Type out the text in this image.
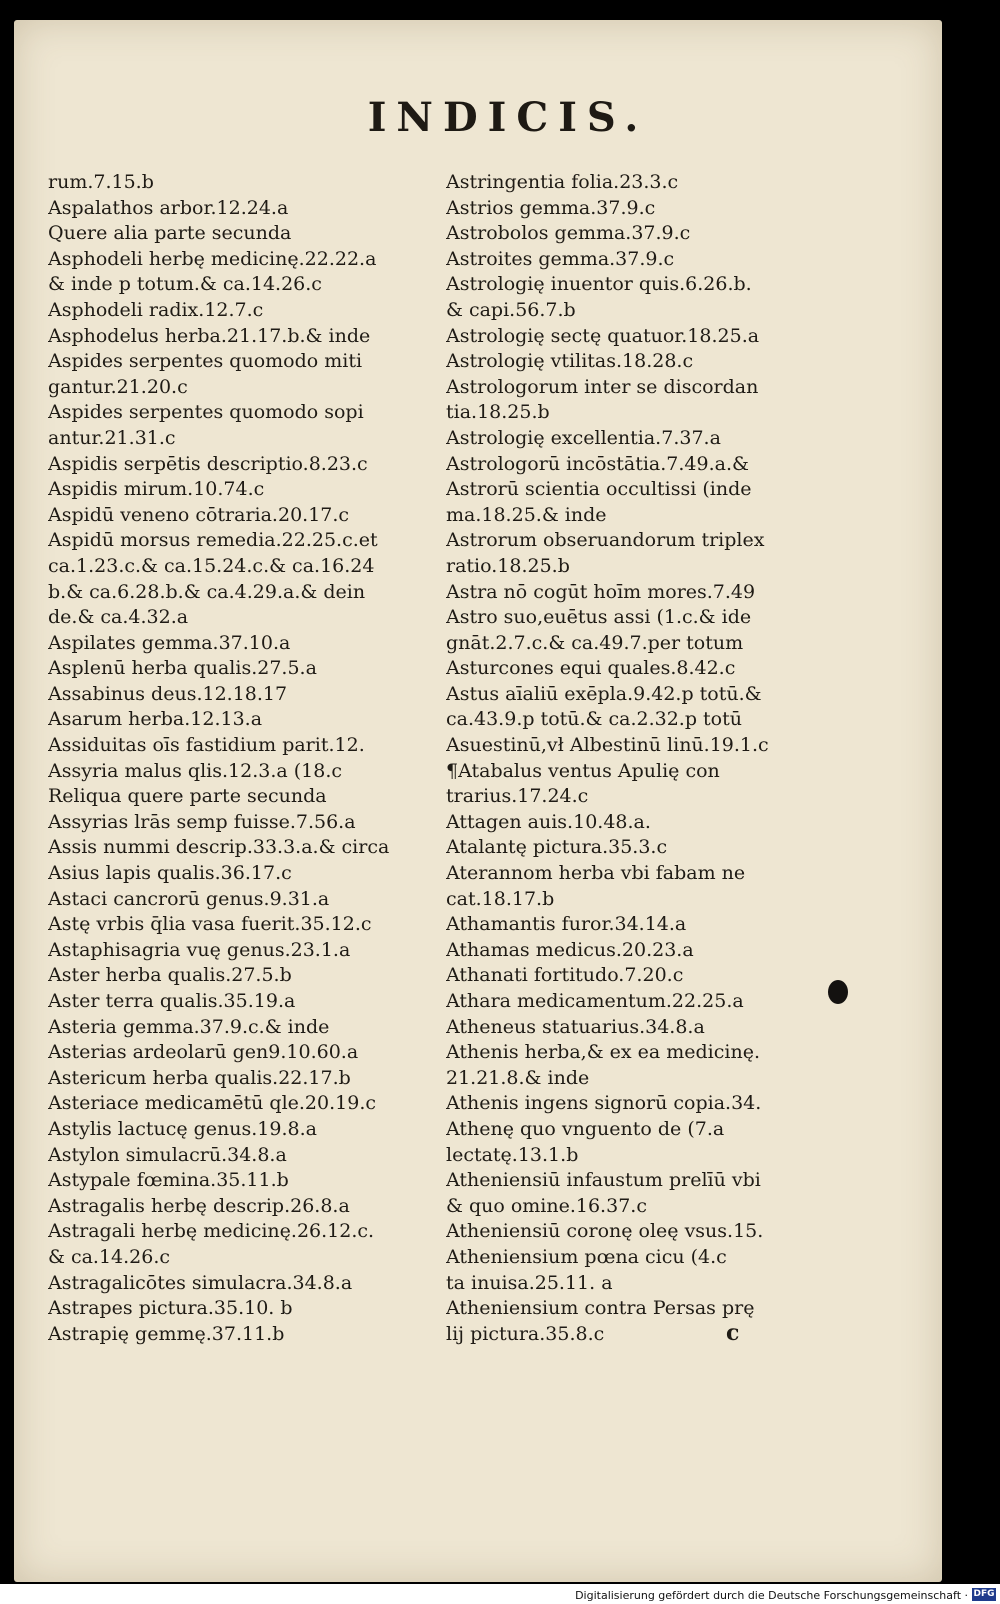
INDICIS.
rum.7.15.b
Aspalathos arbor.12.24.a
Quere alia parte secunda
Asphodeli herbę medicinę.22.22.a
& inde p totum.& ca.14.26.c
Asphodeli radix.12.7.c
Asphodelus herba.21.17.b.& inde
Aspides serpentes quomodo miti
gantur.21.20.c
Aspides serpentes quomodo sopi
antur.21.31.c
Aspidis serpētis descriptio.8.23.c
Aspidis mirum.10.74.c
Aspidū veneno cōtraria.20.17.c
Aspidū morsus remedia.22.25.c.et
ca.1.23.c.& ca.15.24.c.& ca.16.24
b.& ca.6.28.b.& ca.4.29.a.& dein
de.& ca.4.32.a
Aspilates gemma.37.10.a
Asplenū herba qualis.27.5.a
Assabinus deus.12.18.17
Asarum herba.12.13.a
Assiduitas oīs fastidium parit.12.
Assyria malus qlis.12.3.a (18.c
Reliqua quere parte secunda
Assyrias lrās semp fuisse.7.56.a
Assis nummi descrip.33.3.a.& circa
Asius lapis qualis.36.17.c
Astaci cancrorū genus.9.31.a
Astę vrbis q̄lia vasa fuerit.35.12.c
Astaphisagria vuę genus.23.1.a
Aster herba qualis.27.5.b
Aster terra qualis.35.19.a
Asteria gemma.37.9.c.& inde
Asterias ardeolarū gen9.10.60.a
Astericum herba qualis.22.17.b
Asteriace medicamētū qle.20.19.c
Astylis lactucę genus.19.8.a
Astylon simulacrū.34.8.a
Astypale fœmina.35.11.b
Astragalis herbę descrip.26.8.a
Astragali herbę medicinę.26.12.c.
& ca.14.26.c
Astragalicōtes simulacra.34.8.a
Astrapes pictura.35.10. b
Astrapię gemmę.37.11.b
Astringentia folia.23.3.c
Astrios gemma.37.9.c
Astrobolos gemma.37.9.c
Astroites gemma.37.9.c
Astrologię inuentor quis.6.26.b.
& capi.56.7.b
Astrologię sectę quatuor.18.25.a
Astrologię vtilitas.18.28.c
Astrologorum inter se discordan
tia.18.25.b
Astrologię excellentia.7.37.a
Astrologorū incōstātia.7.49.a.&
Astrorū scientia occultissi (inde
ma.18.25.& inde
Astrorum obseruandorum triplex
ratio.18.25.b
Astra nō cogūt hoīm mores.7.49
Astro suo,euētus assi (1.c.& ide
gnāt.2.7.c.& ca.49.7.per totum
Asturcones equi quales.8.42.c
Astus aīaliū exēpla.9.42.p totū.&
ca.43.9.p totū.& ca.2.32.p totū
Asuestinū,vł Albestinū linū.19.1.c
¶Atabalus ventus Apulię con
trarius.17.24.c
Attagen auis.10.48.a.
Atalantę pictura.35.3.c
Aterannom herba vbi fabam ne
cat.18.17.b
Athamantis furor.34.14.a
Athamas medicus.20.23.a
Athanati fortitudo.7.20.c
Athara medicamentum.22.25.a
Atheneus statuarius.34.8.a
Athenis herba,& ex ea medicinę.
21.21.8.& inde
Athenis ingens signorū copia.34.
Athenę quo vnguento de (7.a
lectatę.13.1.b
Atheniensiū infaustum prelīū vbi
& quo omine.16.37.c
Atheniensiū coronę oleę vsus.15.
Atheniensium pœna cicu (4.c
ta inuisa.25.11. a
Atheniensium contra Persas prę
lij pictura.35.8.c	c
Digitalisierung gefördert durch die Deutsche Forschungsgemeinschaft · DFG
